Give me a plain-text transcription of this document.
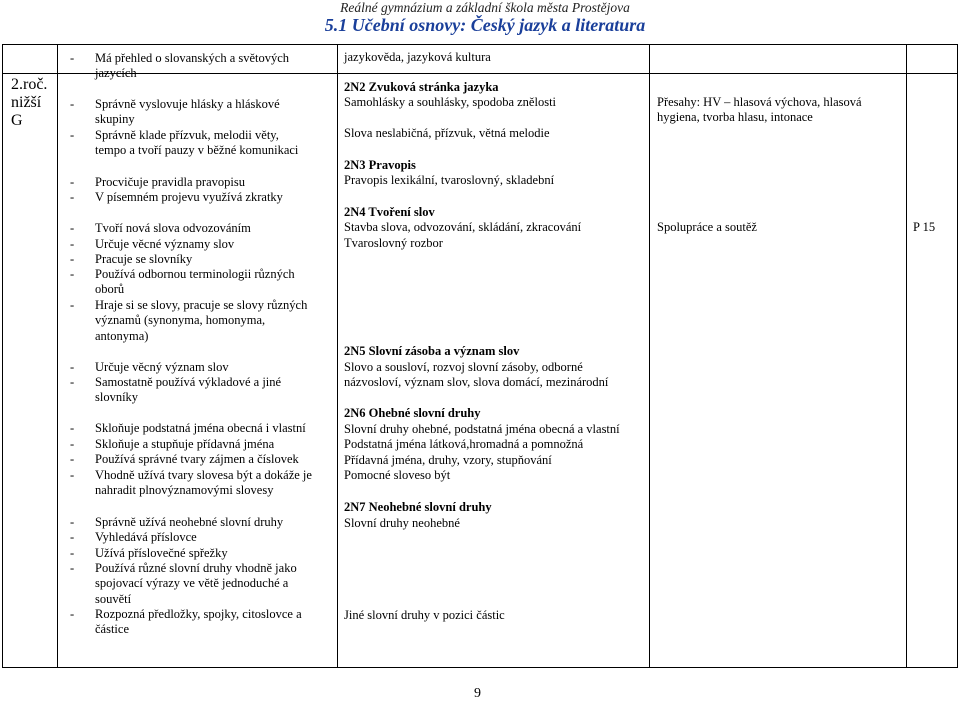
Reálné gymnázium a základní škola města Prostějova
5.1 Učební osnovy: Český jazyk a literatura
2.roč.
nižší
G
- Má přehled o slovanských a světových
jazycích
- Správně vyslovuje hlásky a hláskové
skupiny
- Správně klade přízvuk, melodii věty,
tempo a tvoří pauzy v běžné komunikaci
- Procvičuje pravidla pravopisu
- V písemném projevu využívá zkratky
- Tvoří nová slova odvozováním
- Určuje věcné významy slov
- Pracuje se slovníky
- Používá odbornou terminologii různých
oborů
- Hraje si se slovy, pracuje se slovy různých
významů (synonyma, homonyma,
antonyma)
- Určuje věcný význam slov
- Samostatně používá výkladové a jiné
slovníky
- Skloňuje podstatná jména obecná i vlastní
- Skloňuje a stupňuje přídavná jména
- Používá správné tvary zájmen a číslovek
- Vhodně užívá tvary slovesa být a dokáže je
nahradit plnovýznamovými slovesy
- Správně užívá neohebné slovní druhy
- Vyhledává příslovce
- Užívá příslovečné spřežky
- Používá různé slovní druhy vhodně jako
spojovací výrazy ve větě jednoduché a
souvětí
- Rozpozná předložky, spojky, citoslovce a
částice
jazykověda, jazyková kultura
2N2 Zvuková stránka jazyka
Samohlásky a souhlásky, spodoba znělosti
Slova neslabičná, přízvuk, větná melodie
2N3 Pravopis
Pravopis lexikální, tvaroslovný, skladební
2N4 Tvoření slov
Stavba slova, odvozování, skládání, zkracování
Tvaroslovný rozbor
2N5 Slovní zásoba a význam slov
Slovo a sousloví, rozvoj slovní zásoby, odborné
názvosloví, význam slov, slova domácí, mezinárodní
2N6 Ohebné slovní druhy
Slovní druhy ohebné, podstatná jména obecná a vlastní
Podstatná jména látková,hromadná a pomnožná
Přídavná jména, druhy, vzory, stupňování
Pomocné sloveso být
2N7 Neohebné slovní druhy
Slovní druhy neohebné
Jiné slovní druhy v pozici částic
Přesahy: HV – hlasová výchova, hlasová
hygiena, tvorba hlasu, intonace
Spolupráce a soutěž	P 15
9
